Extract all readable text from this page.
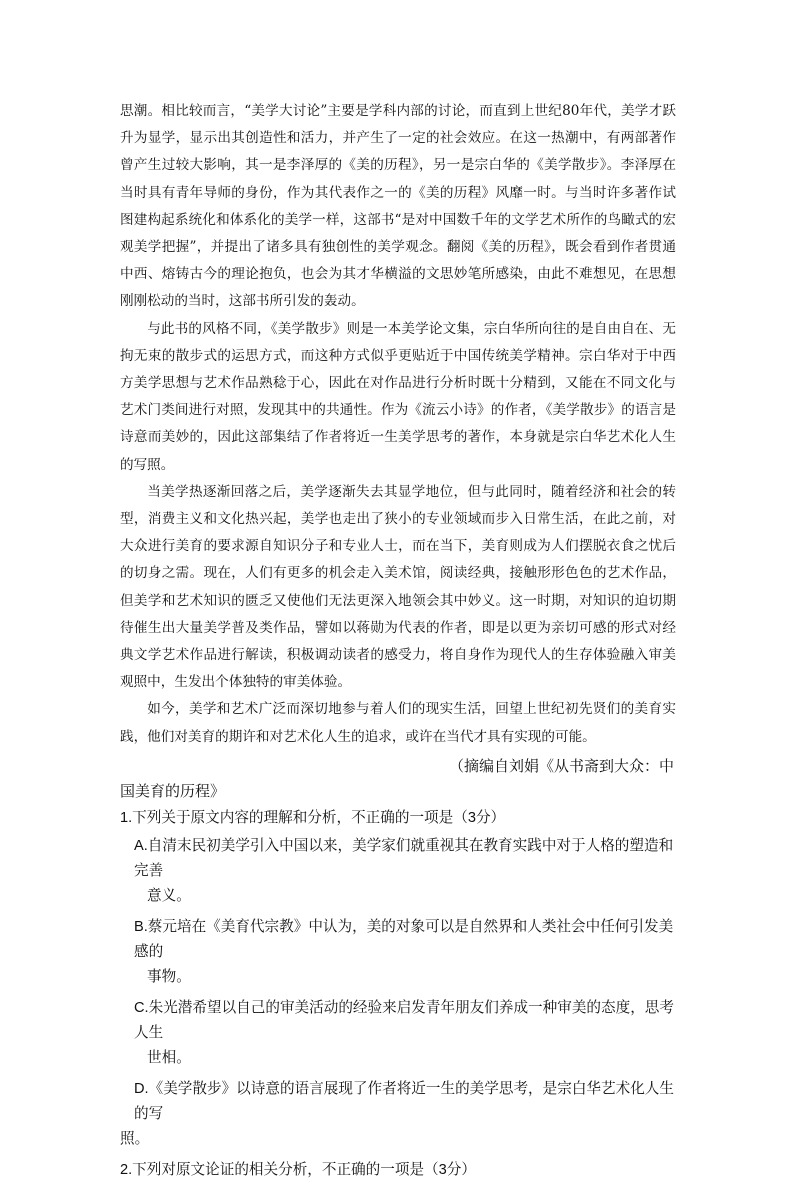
思潮。相比较而言，“美学大讨论”主要是学科内部的讨论，而直到上世纪80年代，美学才跃升为显学，显示出其创造性和活力，并产生了一定的社会效应。在这一热潮中，有两部著作曾产生过较大影响，其一是李泽厚的《美的历程》，另一是宗白华的《美学散步》。李泽厚在当时具有青年导师的身份，作为其代表作之一的《美的历程》风靡一时。与当时许多著作试图建构起系统化和体系化的美学一样，这部书“是对中国数千年的文学艺术所作的鸟瞰式的宏观美学把握”，并提出了诸多具有独创性的美学观念。翻阅《美的历程》，既会看到作者贯通中西、熔铸古今的理论抱负，也会为其才华横溢的文思妙笔所感染，由此不难想见，在思想刚刚松动的当时，这部书所引发的轰动。

与此书的风格不同，《美学散步》则是一本美学论文集，宗白华所向往的是自由自在、无拘无束的散步式的运思方式，而这种方式似乎更贴近于中国传统美学精神。宗白华对于中西方美学思想与艺术作品熟稔于心，因此在对作品进行分析时既十分精到，又能在不同文化与艺术门类间进行对照，发现其中的共通性。作为《流云小诗》的作者，《美学散步》的语言是诗意而美妙的，因此这部集结了作者将近一生美学思考的著作，本身就是宗白华艺术化人生的写照。

当美学热逐渐回落之后，美学逐渐失去其显学地位，但与此同时，随着经济和社会的转型，消费主义和文化热兴起，美学也走出了狭小的专业领域而步入日常生活，在此之前，对大众进行美育的要求源自知识分子和专业人士，而在当下，美育则成为人们摆脱衣食之忧后的切身之需。现在，人们有更多的机会走入美术馆，阅读经典，接触形形色色的艺术作品，但美学和艺术知识的匮乏又使他们无法更深入地领会其中妙义。这一时期，对知识的迫切期待催生出大量美学普及类作品，譬如以蒋勋为代表的作者，即是以更为亲切可感的形式对经典文学艺术作品进行解读，积极调动读者的感受力，将自身作为现代人的生存体验融入审美观照中，生发出个体独特的审美体验。

如今，美学和艺术广泛而深切地参与着人们的现实生活，回望上世纪初先贤们的美育实践，他们对美育的期许和对艺术化人生的追求，或许在当代才具有实现的可能。

（摘编自刘娟《从书斋到大众：中

国美育的历程》

1.下列关于原文内容的理解和分析，不正确的一项是（3分）

A.自清末民初美学引入中国以来，美学家们就重视其在教育实践中对于人格的塑造和完善
意义。
B.蔡元培在《美育代宗教》中认为，美的对象可以是自然界和人类社会中任何引发美感的
事物。
C.朱光潜希望以自己的审美活动的经验来启发青年朋友们养成一种审美的态度，思考人生
世相。
D.《美学散步》以诗意的语言展现了作者将近一生的美学思考，是宗白华艺术化人生的写
照。

2.下列对原文论证的相关分析，不正确的一项是（3分）
